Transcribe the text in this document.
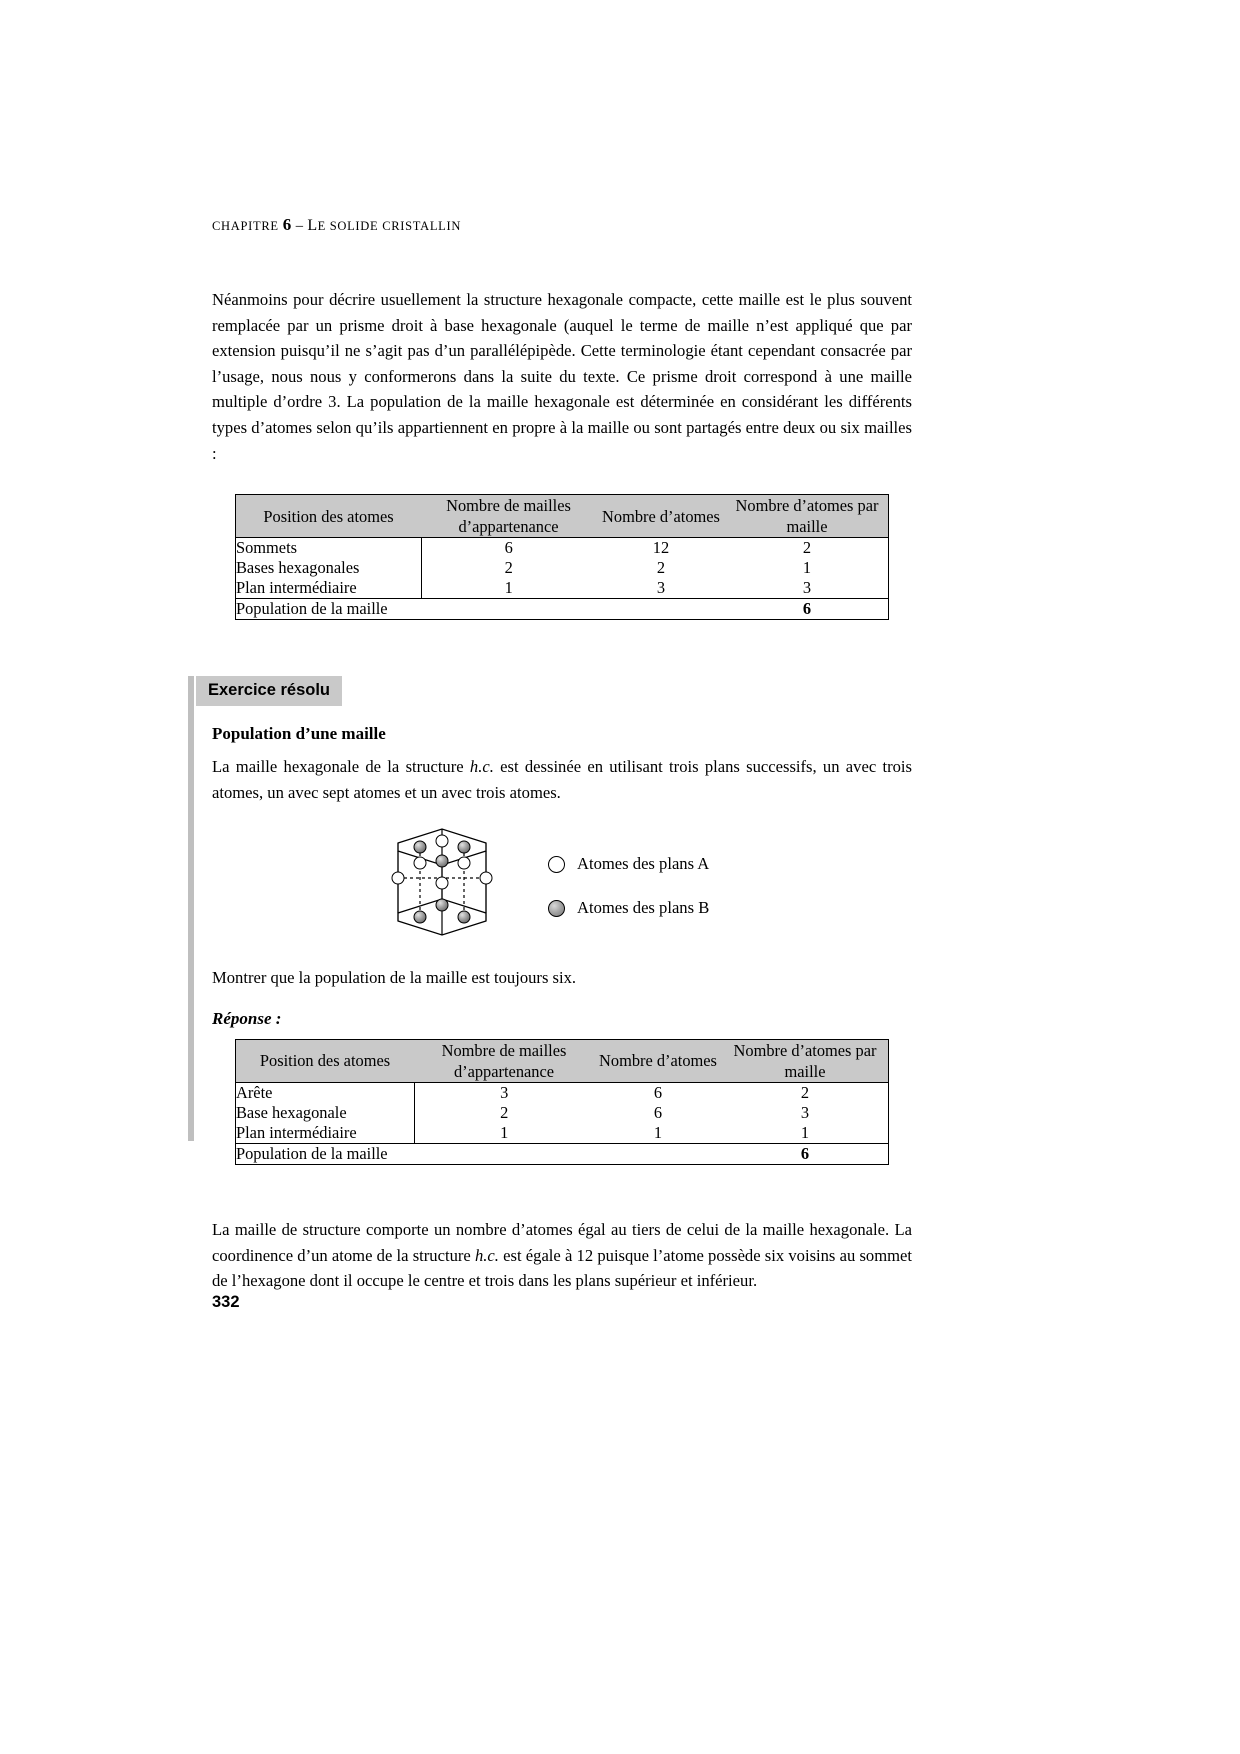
CHAPITRE 6 – LE SOLIDE CRISTALLIN

Néanmoins pour décrire usuellement la structure hexagonale compacte, cette maille est le plus souvent remplacée par un prisme droit à base hexagonale (auquel le terme de maille n’est appliqué que par extension puisqu’il ne s’agit pas d’un parallélépipède. Cette terminologie étant cependant consacrée par l’usage, nous nous y conformerons dans la suite du texte. Ce prisme droit correspond à une maille multiple d’ordre 3. La population de la maille hexagonale est déterminée en considérant les différents types d’atomes selon qu’ils appartiennent en propre à la maille ou sont partagés entre deux ou six mailles :

Position des atomes	Nombre de mailles d’appartenance	Nombre d’atomes	Nombre d’atomes par maille
Sommets	6	12	2
Bases hexagonales	2	2	1
Plan intermédiaire	1	3	3
Population de la maille			6
Exercice résolu
Population d’une maille

La maille hexagonale de la structure h.c. est dessinée en utilisant trois plans successifs, un avec trois atomes, un avec sept atomes et un avec trois atomes.

Atomes des plans A
Atomes des plans B

Montrer que la population de la maille est toujours six.

Réponse :
Position des atomes	Nombre de mailles d’appartenance	Nombre d’atomes	Nombre d’atomes par maille
Arête	3	6	2
Base hexagonale	2	6	3
Plan intermédiaire	1	1	1
Population de la maille			6

La maille de structure comporte un nombre d’atomes égal au tiers de celui de la maille hexagonale. La coordinence d’un atome de la structure h.c. est égale à 12 puisque l’atome possède six voisins au sommet de l’hexagone dont il occupe le centre et trois dans les plans supérieur et inférieur.

332
